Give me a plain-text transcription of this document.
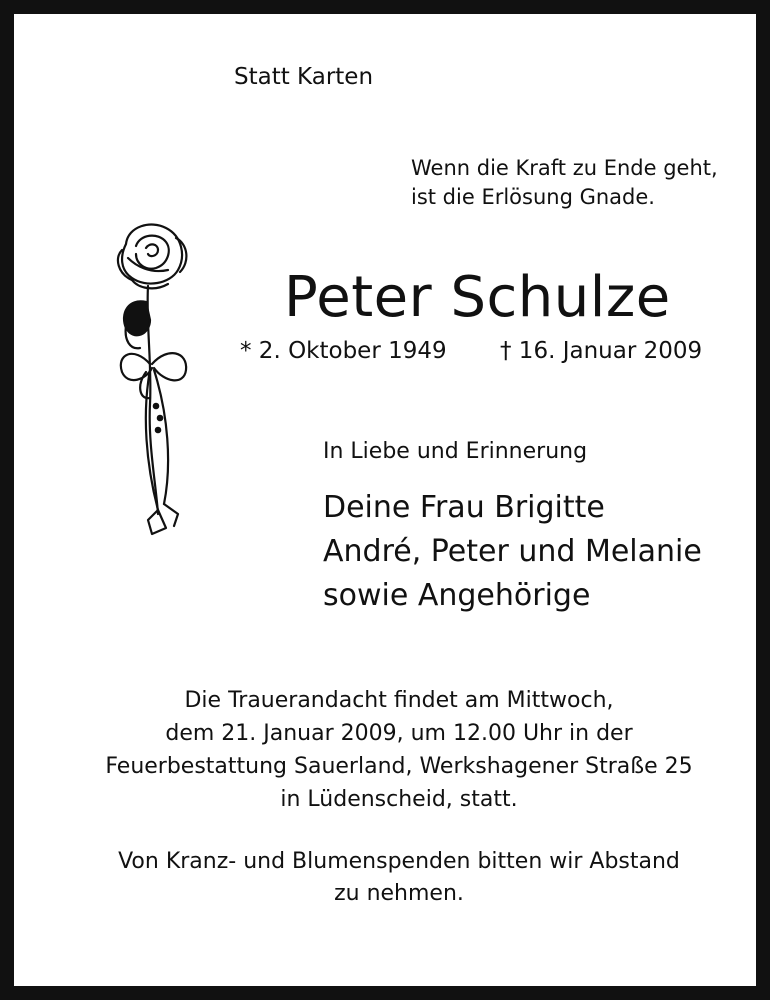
Statt Karten
Wenn die Kraft zu Ende geht,
ist die Erlösung Gnade.
Peter Schulze
* 2. Oktober 1949 † 16. Januar 2009
In Liebe und Erinnerung
Deine Frau Brigitte
André, Peter und Melanie
sowie Angehörige
Die Trauerandacht findet am Mittwoch,
dem 21. Januar 2009, um 12.00 Uhr in der
Feuerbestattung Sauerland, Werkshagener Straße 25
in Lüdenscheid, statt.
Von Kranz- und Blumenspenden bitten wir Abstand
zu nehmen.
